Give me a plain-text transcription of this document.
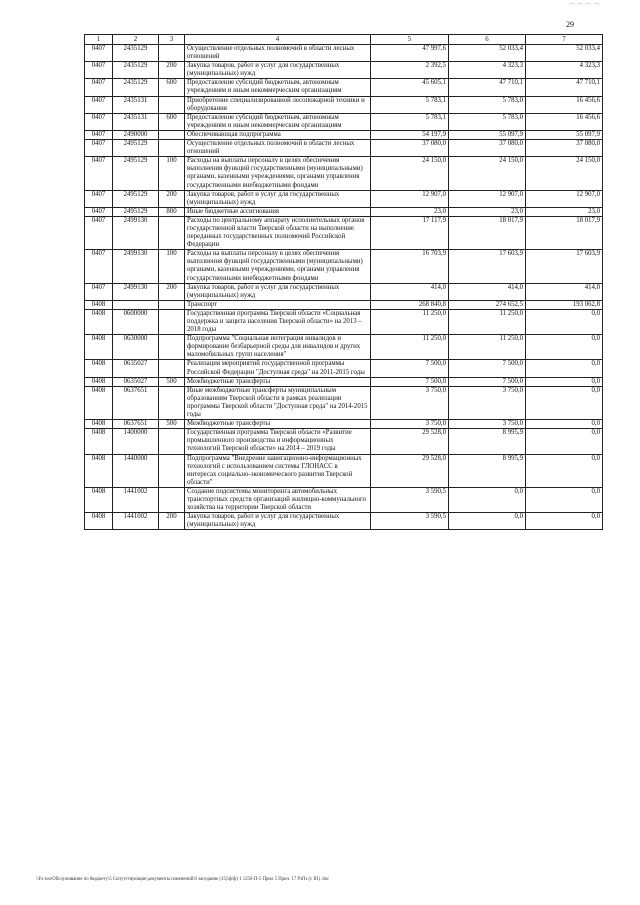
— — — —
29
1	2	3	4	5	6	7
0407	2435129		Осуществление отдельных полномочий в области лесных отношений	47 997,6	52 033,4	52 033,4
0407	2435129	200	Закупка товаров, работ и услуг для государственных (муниципальных) нужд	2 392,5	4 323,3	4 323,3
0407	2435129	600	Предоставление субсидий бюджетным, автономным учреждениям и иным некоммерческим организациям	45 605,1	47 710,1	47 710,1
0407	2435131		Приобретение специализированной лесопожарной техники и оборудования	5 783,1	5 783,0	16 456,6
0407	2435131	600	Предоставление субсидий бюджетным, автономным учреждениям и иным некоммерческим организациям	5 783,1	5 783,0	16 456,6
0407	2490000		Обеспечивающая подпрограмма	54 197,9	55 097,9	55 097,9
0407	2495129		Осуществление отдельных полномочий в области лесных отношений	37 080,0	37 080,0	37 080,0
0407	2495129	100	Расходы на выплаты персоналу в целях обеспечения выполнения функций государственными (муниципальными) органами, казенными учреждениями, органами управления государственными внебюджетными фондами	24 150,0	24 150,0	24 150,0
0407	2495129	200	Закупка товаров, работ и услуг для государственных (муниципальных) нужд	12 907,0	12 907,0	12 907,0
0407	2495129	800	Иные бюджетные ассигнования	23,0	23,0	23,0
0407	2499130		Расходы по центральному аппарату исполнительных органов государственной власти Тверской области на выполнение переданных государственных полномочий Российской Федерации	17 117,9	18 017,9	18 017,9
0407	2499130	100	Расходы на выплаты персоналу в целях обеспечения выполнения функций государственными (муниципальными) органами, казенными учреждениями, органами управления государственными внебюджетными фондами	16 703,9	17 603,9	17 603,9
0407	2499130	200	Закупка товаров, работ и услуг для государственных (муниципальных) нужд	414,0	414,0	414,0
0408			Транспорт	268 840,8	274 652,5	193 062,8
0408	0600000		Государственная программа Тверской области «Социальная поддержка и защита населения Тверской области» на 2013 – 2018 годы	11 250,0	11 250,0	0,0
0408	0630000		Подпрограмма "Социальная интеграция инвалидов и формирование безбарьерной среды для инвалидов и других маломобильных групп населения"	11 250,0	11 250,0	0,0
0408	0635027		Реализация мероприятий государственной программы Российской Федерации "Доступная среда" на 2011-2015 годы	7 500,0	7 500,0	0,0
0408	0635027	500	Межбюджетные трансферты	7 500,0	7 500,0	0,0
0408	0637651		Иные межбюджетные трансферты муниципальным образованиям Тверской области в рамках реализации программы Тверской области "Доступная среда" на 2014-2015 годы	3 750,0	3 750,0	0,0
0408	0637651	500	Межбюджетные трансферты	3 750,0	3 750,0	0,0
0408	1400000		Государственная программа Тверской области «Развитие промышленного производства и информационных технологий Тверской области» на 2014 – 2019 годы	29 528,0	8 995,9	0,0
0408	1440000		Подпрограмма "Внедрение навигационно-информационных технологий с использованием системы ГЛОНАСС в интересах социально-экономического развития Тверской области"	29 528,0	8 995,9	0,0
0408	1441002		Создание подсистемы мониторинга автомобильных транспортных средств организаций жилищно-коммунального хозяйства на территории Тверской области	3 590,5	0,0	0,0
0408	1441002	200	Закупка товаров, работ и услуг для государственных (муниципальных) нужд	3 590,5	0,0	0,0
\\Fs-ion\Обслуживание по бюджету\5 Сопутствующие\документы изменений\9 заседание (15)\ф\ф) 1 1250-П-5 Прил 5 Прил. 17 РзПз (с III) .doc
